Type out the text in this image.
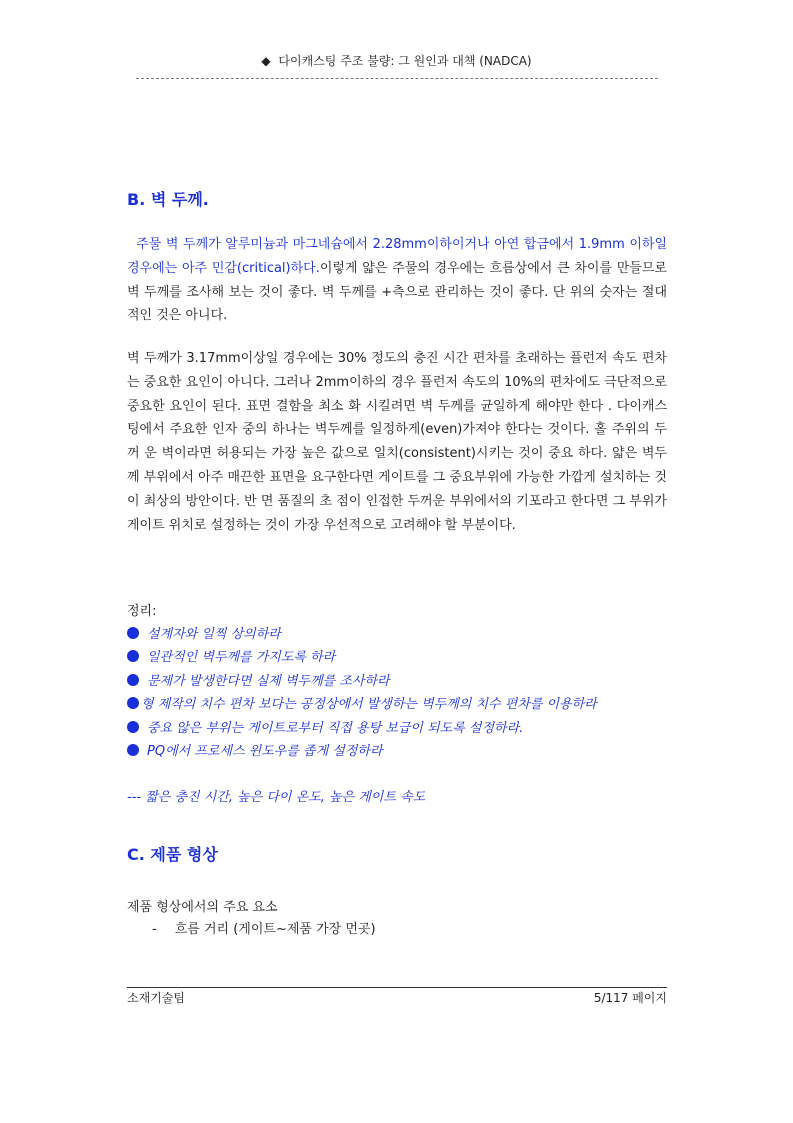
◆ 다이캐스팅 주조 불량: 그 원인과 대책 (NADCA)
B. 벽 두께.
주물 벽 두께가 알루미늄과 마그네슘에서 2.28mm이하이거나 아연 합금에서 1.9mm 이하일 경우에는 아주 민감(critical)하다.이렇게 얇은 주물의 경우에는 흐름상에서 큰 차이를 만들므로 벽 두께를 조사해 보는 것이 좋다. 벽 두께를 +측으로 관리하는 것이 좋다. 단 위의 숫자는 절대적인 것은 아니다.
벽 두께가 3.17mm이상일 경우에는 30% 정도의 충진 시간 편차를 초래하는 플런저 속도 편차는 중요한 요인이 아니다. 그러나 2mm이하의 경우 플런저 속도의 10%의 편차에도 극단적으로 중요한 요인이 된다. 표면 결함을 최소 화 시킬려면 벽 두께를 균일하게 해야만 한다 . 다이캐스팅에서 주요한 인자 중의 하나는 벽두께를 일정하게(even)가져야 한다는 것이다. 홀 주위의 두꺼 운 벽이라면 허용되는 가장 높은 값으로 일치(consistent)시키는 것이 중요 하다. 얇은 벽두께 부위에서 아주 매끈한 표면을 요구한다면 게이트를 그 중요부위에 가능한 가깝게 설치하는 것이 최상의 방안이다. 반 면 품질의 초 점이 인접한 두꺼운 부위에서의 기포라고 한다면 그 부위가 게이트 위치로 설정하는 것이 가장 우선적으로 고려해야 할 부분이다.
정리:
설계자와 일찍 상의하라
일관적인 벽두께를 가지도록 하라
문제가 발생한다면 실제 벽두께를 조사하라
형 제작의 치수 편차 보다는 공정상에서 발생하는 벽두께의 치수 편차를 이용하라
중요 않은 부위는 게이트로부터 직접 용탕 보급이 되도록 설정하라.
PQ에서 프로세스 윈도우를 좁게 설정하라
--- 짧은 충진 시간, 높은 다이 온도, 높은 게이트 속도
C. 제품 형상
제품 형상에서의 주요 요소
- 흐름 거리 (게이트~제품 가장 먼곳)
소재기술팀	5/117 페이지
